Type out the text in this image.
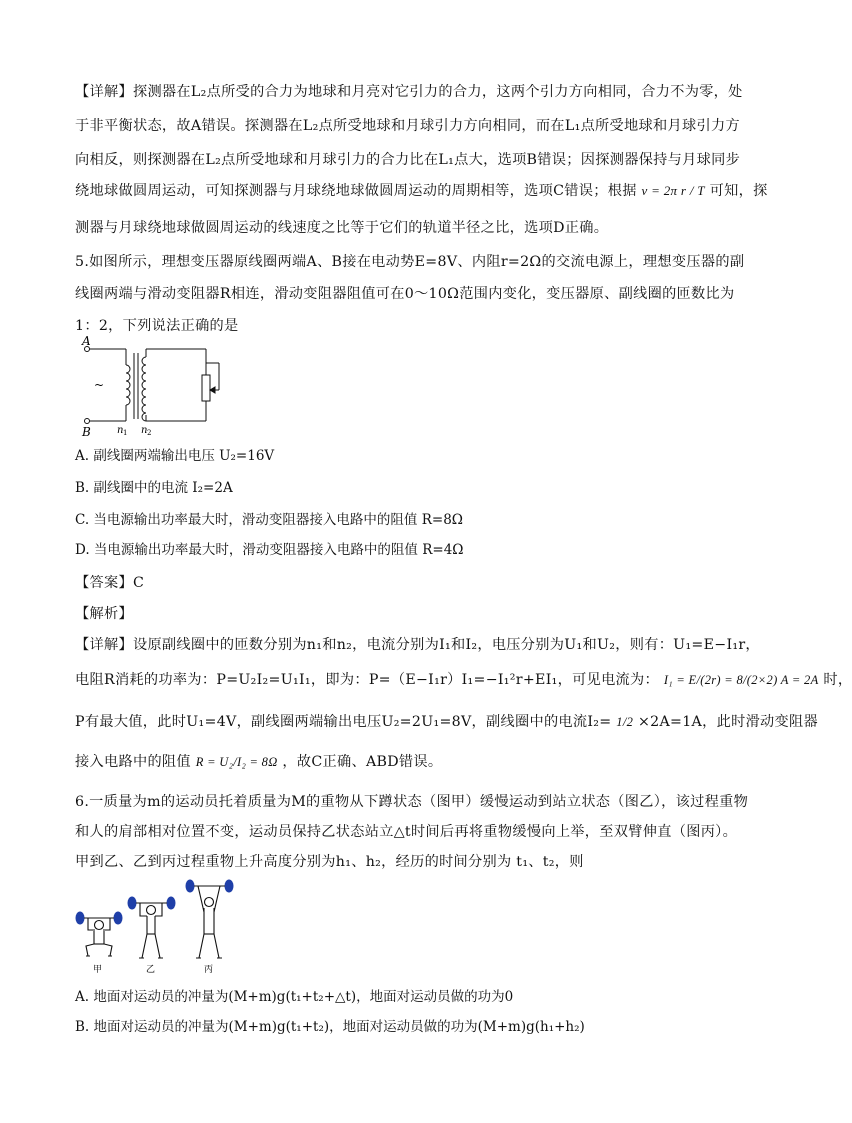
【详解】探测器在L₂点所受的合力为地球和月亮对它引力的合力，这两个引力方向相同，合力不为零，处
于非平衡状态，故A错误。探测器在L₂点所受地球和月球引力方向相同，而在L₁点所受地球和月球引力方
向相反，则探测器在L₂点所受地球和月球引力的合力比在L₁点大，选项B错误；因探测器保持与月球同步
绕地球做圆周运动，可知探测器与月球绕地球做圆周运动的周期相等，选项C错误；根据 v = 2π r / T 可知，探
测器与月球绕地球做圆周运动的线速度之比等于它们的轨道半径之比，选项D正确。
5.如图所示，理想变压器原线圈两端A、B接在电动势E=8V、内阻r=2Ω的交流电源上，理想变压器的副
线圈两端与滑动变阻器R相连，滑动变阻器阻值可在0～10Ω范围内变化，变压器原、副线圈的匝数比为
1：2，下列说法正确的是
A
B
~
n 1 n 2
A. 副线圈两端输出电压 U₂=16V
B. 副线圈中的电流 I₂=2A
C. 当电源输出功率最大时，滑动变阻器接入电路中的阻值 R=8Ω
D. 当电源输出功率最大时，滑动变阻器接入电路中的阻值 R=4Ω
【答案】C
【解析】
【详解】设原副线圈中的匝数分别为n₁和n₂，电流分别为I₁和I₂，电压分别为U₁和U₂，则有：U₁=E−I₁r，
电阻R消耗的功率为：P=U₂I₂=U₁I₁，即为：P=（E−I₁r）I₁=−I₁²r+EI₁，可见电流为： I₁ = E/(2r) = 8/(2×2) A = 2A 时，
P有最大值，此时U₁=4V，副线圈两端输出电压U₂=2U₁=8V，副线圈中的电流I₂= 1/2 ×2A=1A，此时滑动变阻器
接入电路中的阻值 R = U₂/I₂ = 8Ω ，故C正确、ABD错误。
6.一质量为m的运动员托着质量为M的重物从下蹲状态（图甲）缓慢运动到站立状态（图乙），该过程重物
和人的肩部相对位置不变，运动员保持乙状态站立△t时间后再将重物缓慢向上举，至双臂伸直（图丙）。
甲到乙、乙到丙过程重物上升高度分别为h₁、h₂，经历的时间分别为 t₁、t₂，则
甲	乙	丙
A. 地面对运动员的冲量为(M+m)g(t₁+t₂+△t)，地面对运动员做的功为0
B. 地面对运动员的冲量为(M+m)g(t₁+t₂)，地面对运动员做的功为(M+m)g(h₁+h₂)
